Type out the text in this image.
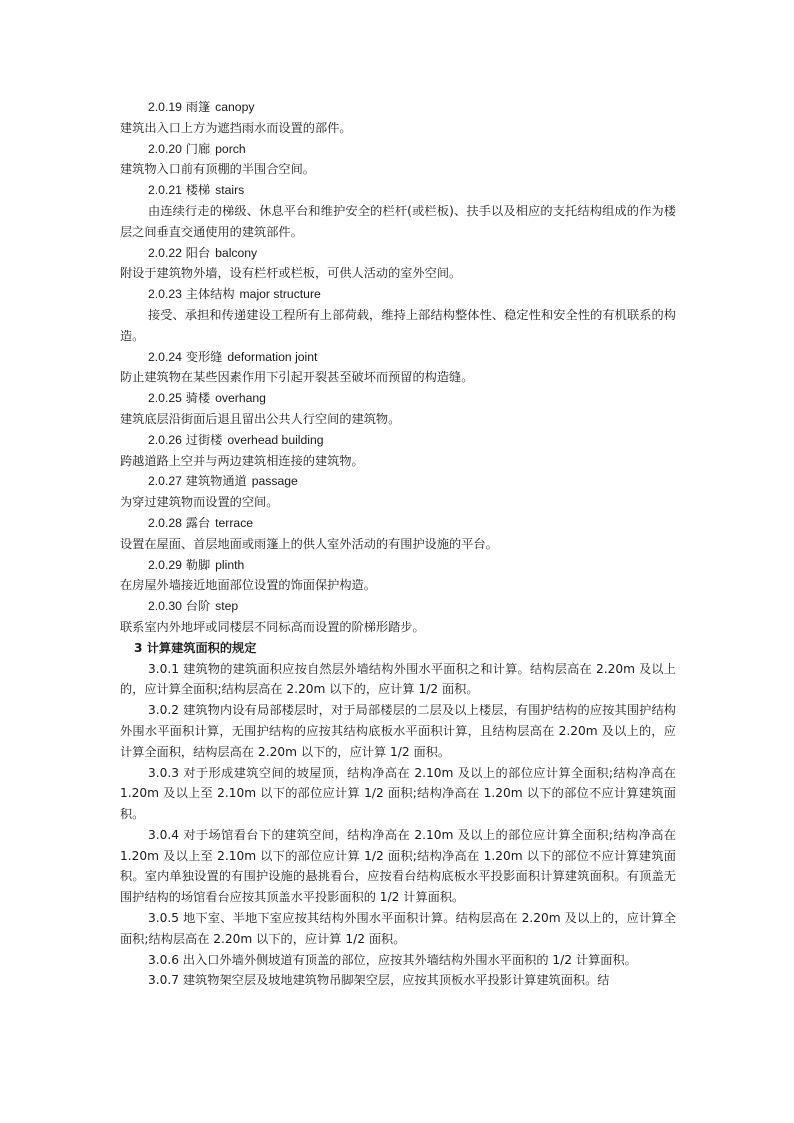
2.0.19 雨篷 canopy
建筑出入口上方为遮挡雨水而设置的部件。
2.0.20 门廊 porch
建筑物入口前有顶棚的半围合空间。
2.0.21 楼梯 stairs
由连续行走的梯级、休息平台和维护安全的栏杆(或栏板)、扶手以及相应的支托结构组成的作为楼层之间垂直交通使用的建筑部件。
2.0.22 阳台 balcony
附设于建筑物外墙，设有栏杆或栏板，可供人活动的室外空间。
2.0.23 主体结构 major structure
接受、承担和传递建设工程所有上部荷载，维持上部结构整体性、稳定性和安全性的有机联系的构造。
2.0.24 变形缝 deformation joint
防止建筑物在某些因素作用下引起开裂甚至破坏而预留的构造缝。
2.0.25 骑楼 overhang
建筑底层沿街面后退且留出公共人行空间的建筑物。
2.0.26 过街楼 overhead building
跨越道路上空并与两边建筑相连接的建筑物。
2.0.27 建筑物通道 passage
为穿过建筑物而设置的空间。
2.0.28 露台 terrace
设置在屋面、首层地面或雨篷上的供人室外活动的有围护设施的平台。
2.0.29 勒脚 plinth
在房屋外墙接近地面部位设置的饰面保护构造。
2.0.30 台阶 step
联系室内外地坪或同楼层不同标高而设置的阶梯形踏步。
3 计算建筑面积的规定
3.0.1 建筑物的建筑面积应按自然层外墙结构外围水平面积之和计算。结构层高在 2.20m 及以上的，应计算全面积;结构层高在 2.20m 以下的，应计算 1/2 面积。
3.0.2 建筑物内设有局部楼层时，对于局部楼层的二层及以上楼层，有围护结构的应按其围护结构外围水平面积计算，无围护结构的应按其结构底板水平面积计算，且结构层高在 2.20m 及以上的，应计算全面积，结构层高在 2.20m 以下的，应计算 1/2 面积。
3.0.3 对于形成建筑空间的坡屋顶，结构净高在 2.10m 及以上的部位应计算全面积;结构净高在 1.20m 及以上至 2.10m 以下的部位应计算 1/2 面积;结构净高在 1.20m 以下的部位不应计算建筑面积。
3.0.4 对于场馆看台下的建筑空间，结构净高在 2.10m 及以上的部位应计算全面积;结构净高在 1.20m 及以上至 2.10m 以下的部位应计算 1/2 面积;结构净高在 1.20m 以下的部位不应计算建筑面积。室内单独设置的有围护设施的悬挑看台，应按看台结构底板水平投影面积计算建筑面积。有顶盖无围护结构的场馆看台应按其顶盖水平投影面积的 1/2 计算面积。
3.0.5 地下室、半地下室应按其结构外围水平面积计算。结构层高在 2.20m 及以上的，应计算全面积;结构层高在 2.20m 以下的，应计算 1/2 面积。
3.0.6 出入口外墙外侧坡道有顶盖的部位，应按其外墙结构外围水平面积的 1/2 计算面积。
3.0.7 建筑物架空层及坡地建筑物吊脚架空层，应按其顶板水平投影计算建筑面积。结
